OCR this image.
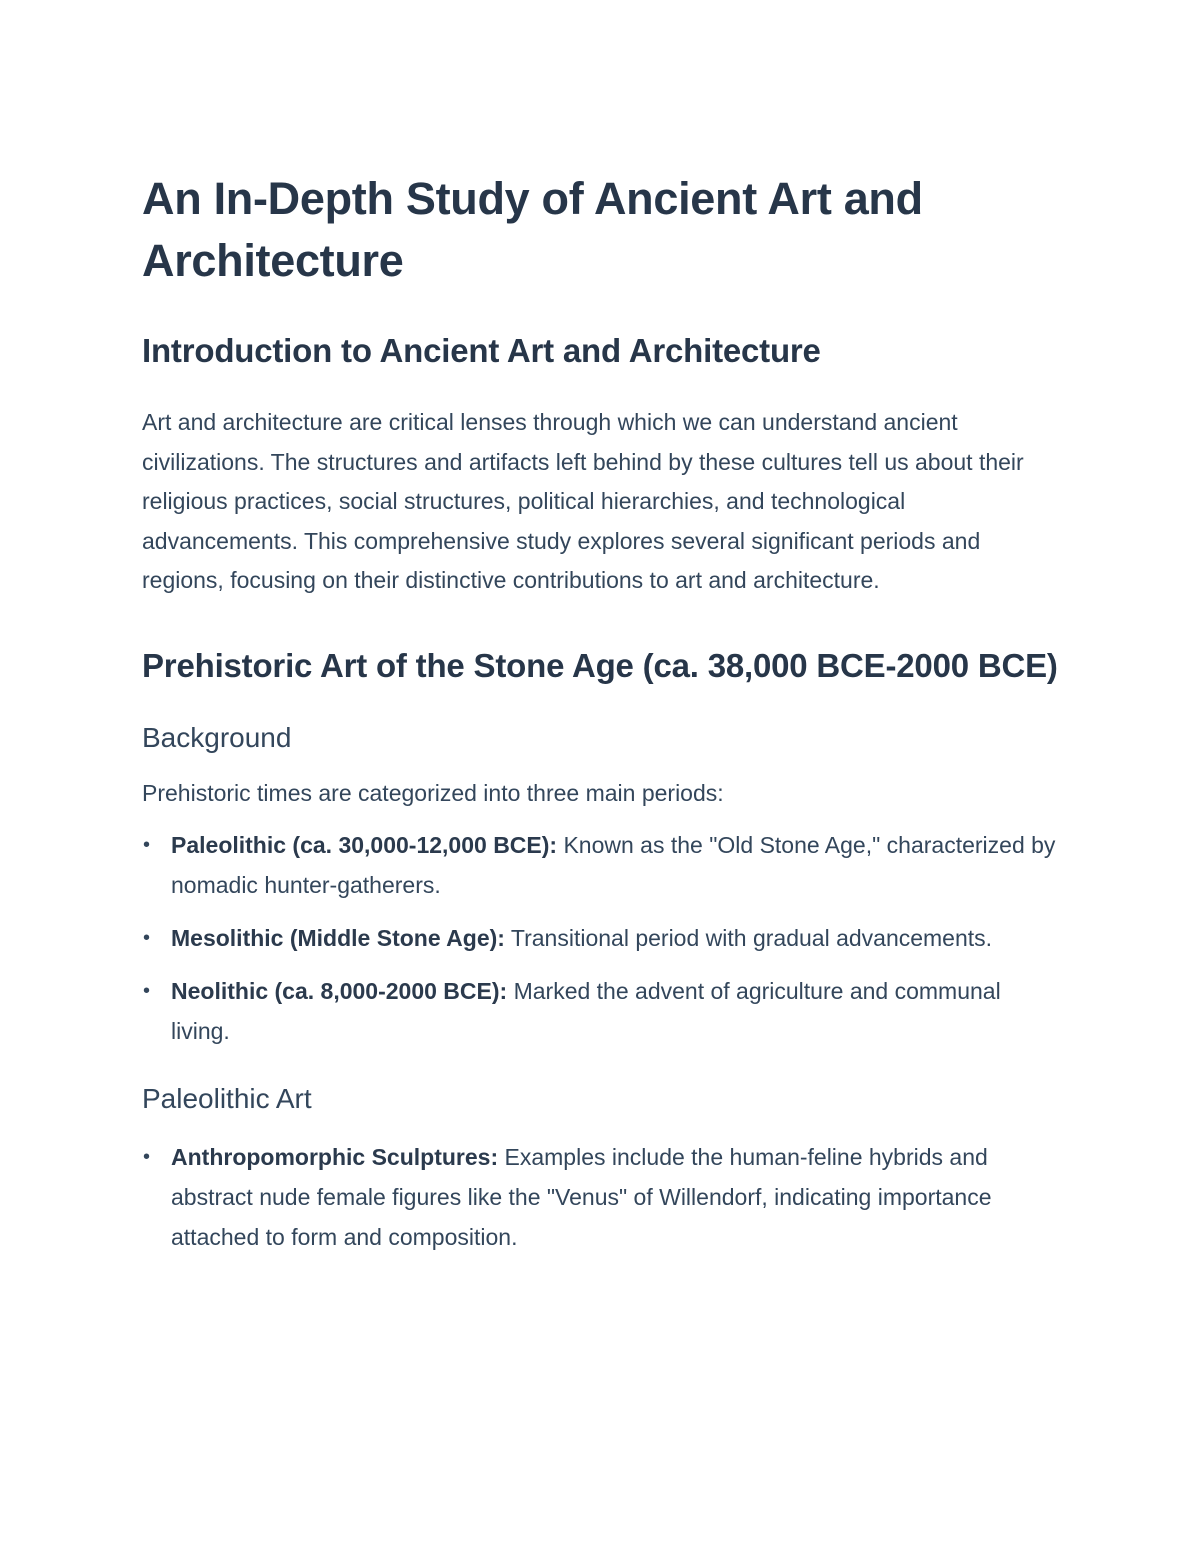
An In-Depth Study of Ancient Art and Architecture
Introduction to Ancient Art and Architecture

Art and architecture are critical lenses through which we can understand ancient civilizations. The structures and artifacts left behind by these cultures tell us about their religious practices, social structures, political hierarchies, and technological advancements. This comprehensive study explores several significant periods and regions, focusing on their distinctive contributions to art and architecture.

Prehistoric Art of the Stone Age (ca. 38,000 BCE-2000 BCE)
Background

Prehistoric times are categorized into three main periods:

• Paleolithic (ca. 30,000-12,000 BCE): Known as the "Old Stone Age," characterized by nomadic hunter-gatherers.
• Mesolithic (Middle Stone Age): Transitional period with gradual advancements.
• Neolithic (ca. 8,000-2000 BCE): Marked the advent of agriculture and communal living.
Paleolithic Art
• Anthropomorphic Sculptures: Examples include the human-feline hybrids and abstract nude female figures like the "Venus" of Willendorf, indicating importance attached to form and composition.
